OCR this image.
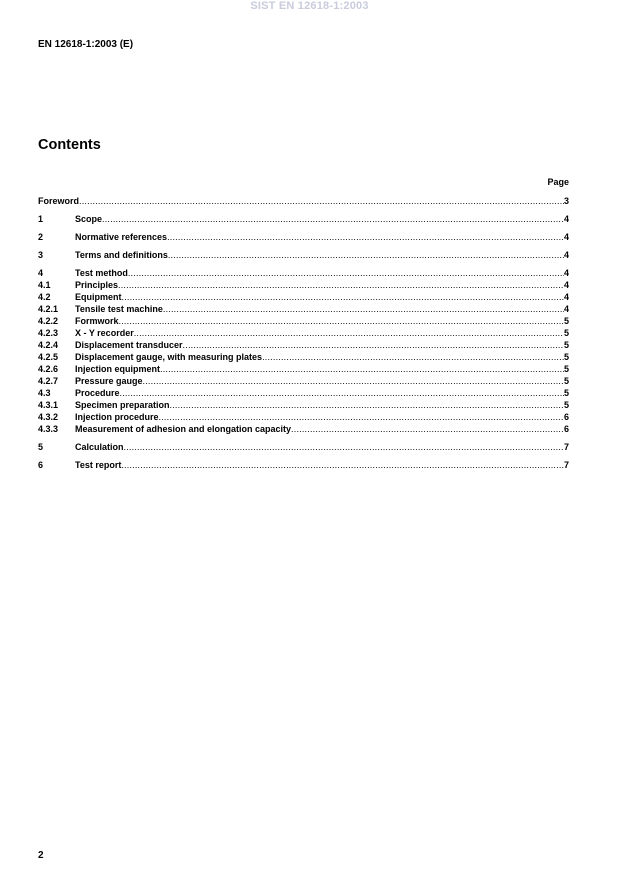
SIST EN 12618-1:2003
EN 12618-1:2003 (E)
Contents
Page
Foreword .....	3
1	Scope .....	4
2	Normative references .....	4
3	Terms and definitions .....	4
4	Test method .....	4
4.1	Principles .....	4
4.2	Equipment .....	4
4.2.1 Tensile test machine .....	4
4.2.2 Formwork .....	5
4.2.3 X - Y recorder .....	5
4.2.4 Displacement transducer .....	5
4.2.5 Displacement gauge, with measuring plates .....	5
4.2.6 Injection equipment .....	5
4.2.7 Pressure gauge .....	5
4.3	Procedure .....	5
4.3.1 Specimen preparation .....	5
4.3.2 Injection procedure .....	6
4.3.3 Measurement of adhesion and elongation capacity .....	6
5	Calculation .....	7
6	Test report .....	7
2
